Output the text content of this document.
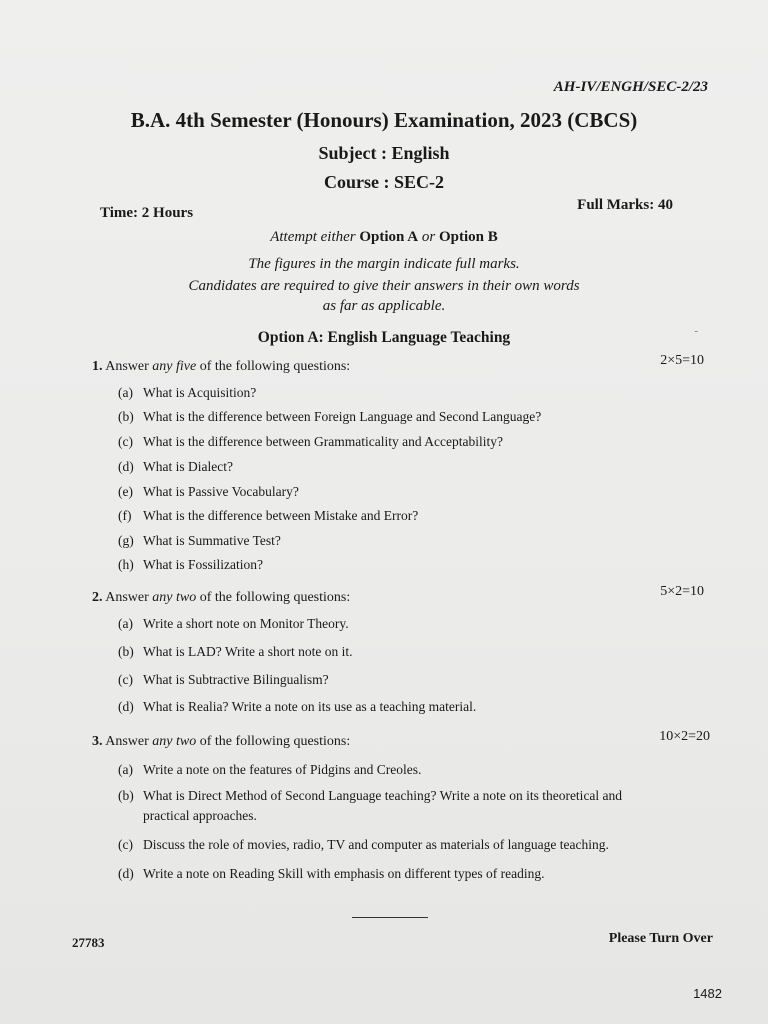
AH-IV/ENGH/SEC-2/23
B.A. 4th Semester (Honours) Examination, 2023 (CBCS)
Subject : English
Course : SEC-2
Time: 2 Hours	Full Marks: 40
Attempt either Option A or Option B
The figures in the margin indicate full marks.
Candidates are required to give their answers in their own words
as far as applicable.
Option A: English Language Teaching	-
1. Answer any five of the following questions:	2×5=10
(a) What is Acquisition?
(b) What is the difference between Foreign Language and Second Language?
(c) What is the difference between Grammaticality and Acceptability?
(d) What is Dialect?
(e) What is Passive Vocabulary?
(f) What is the difference between Mistake and Error?
(g) What is Summative Test?
(h) What is Fossilization?
2. Answer any two of the following questions:	5×2=10
(a) Write a short note on Monitor Theory.
(b) What is LAD? Write a short note on it.
(c) What is Subtractive Bilingualism?
(d) What is Realia? Write a note on its use as a teaching material.
3. Answer any two of the following questions:	10×2=20
(a) Write a note on the features of Pidgins and Creoles.
(b) What is Direct Method of Second Language teaching? Write a note on its theoretical and
practical approaches.
(c) Discuss the role of movies, radio, TV and computer as materials of language teaching.
(d) Write a note on Reading Skill with emphasis on different types of reading.
27783	Please Turn Over
1482
